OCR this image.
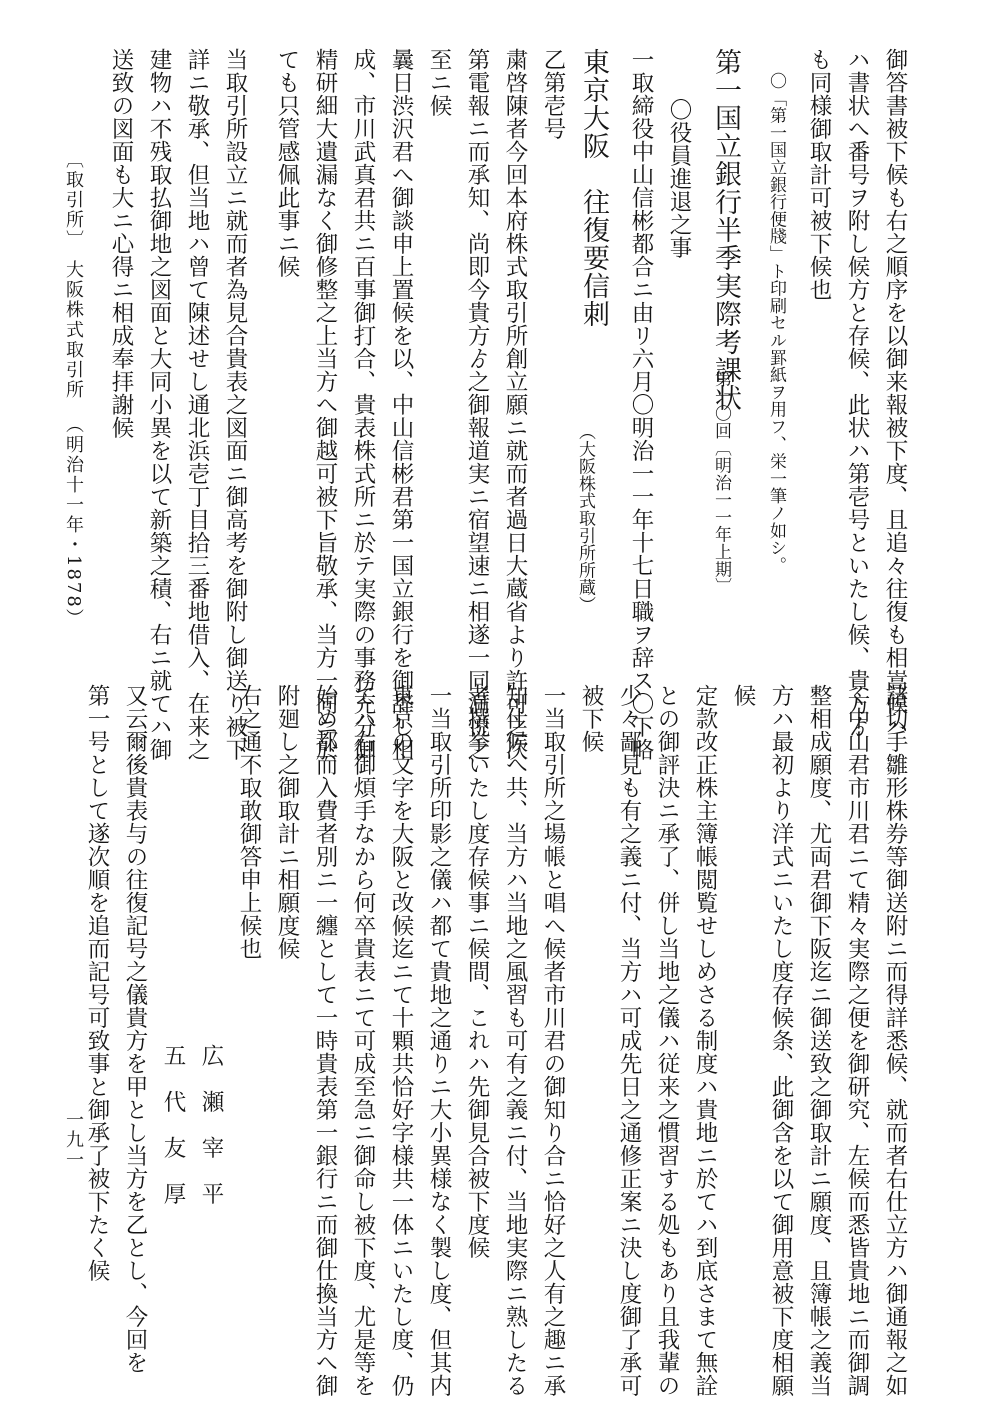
御答書被下候も右之順序を以御来報被下度、且追々往復も相嵩候ハ
ハ書状へ番号ヲ附し候方と存候、此状ハ第壱号といたし候、貴方ゟ
も同様御取計可被下候也
〇「第一国立銀行便牋」ト印刷セル罫紙ヲ用フ、栄一筆ノ如シ。
第一国立銀行半季実際考課状
第一〇回〔明治一一年上期〕
〇役員進退之事
一取締役中山信彬都合ニ由リ六月〇明治一一年十七日職ヲ辞ス〇下略
東京大阪　往復要信刺
（大阪株式取引所所蔵）
乙第壱号
粛啓陳者今回本府株式取引所創立願ニ就而者過日大蔵省より許可之次
第電報ニ而承知、尚即今貴方ゟ之御報道実ニ宿望速ニ相遂一同満悦之
至ニ候
曩日渋沢君へ御談申上置候を以、中山信彬君第一国立銀行を御辞し相
成、市川武真君共ニ百事御打合、貴表株式所ニ於テ実際の事務充分御
精研細大遺漏なく御修整之上当方へ御越可被下旨敬承、当方一同ニ於
ても只管感佩此事ニ候
当取引所設立ニ就而者為見合貴表之図面ニ御高考を御附し御送り被下
詳ニ敬承、但当地ハ曾て陳述せし通北浜壱丁目拾三番地借入、在来之
建物ハ不残取払御地之図面と大同小異を以て新築之積、右ニ就てハ御
送致の図面も大ニ心得ニ相成奉拝謝候
諸切手雛形株券等御送附ニ而得詳悉候、就而者右仕立方ハ御通報之如
く中山君市川君ニて精々実際之便を御研究、左候而悉皆貴地ニ而御調
整相成願度、尤両君御下阪迄ニ御送致之御取計ニ願度、且簿帳之義当
方ハ最初より洋式ニいたし度存候条、此御含を以て御用意被下度相願
候
定款改正株主簿帳閲覧せしめさる制度ハ貴地ニ於てハ到底さまて無詮
との御評決ニ承了、併し当地之儀ハ従来之慣習する処もあり且我輩の
少々鄙見も有之義ニ付、当方ハ可成先日之通修正案ニ決し度御了承可
被下候
一当取引所之場帳と唱へ候者市川君の御知り合ニ恰好之人有之趣ニ承
知仕候へ共、当方ハ当地之風習も可有之義ニ付、当地実際ニ熟したる
者撰挙いたし度存候事ニ候間、これハ先御見合被下度候
一当取引所印影之儀ハ都て貴地之通りニ大小異様なく製し度、但其内
東京の文字を大阪と改候迄ニて十顆共恰好字様共一体ニいたし度、仍
てハ右御煩手なから何卒貴表ニて可成至急ニ御命し被下度、尤是等を
始め都而入費者別ニ一纏として一時貴表第一銀行ニ而御仕換当方へ御
附廻し之御取計ニ相願度候
右之通不取敢御答申上候也
広　瀬　宰　平
五　代　友　厚
又云爾後貴表与の往復記号之儀貴方を甲とし当方を乙とし、今回を
第一号として遂次順を追而記号可致事と御承了被下たく候
〔取引所〕
大阪株式取引所
（明治十一年・1878）
一九一
